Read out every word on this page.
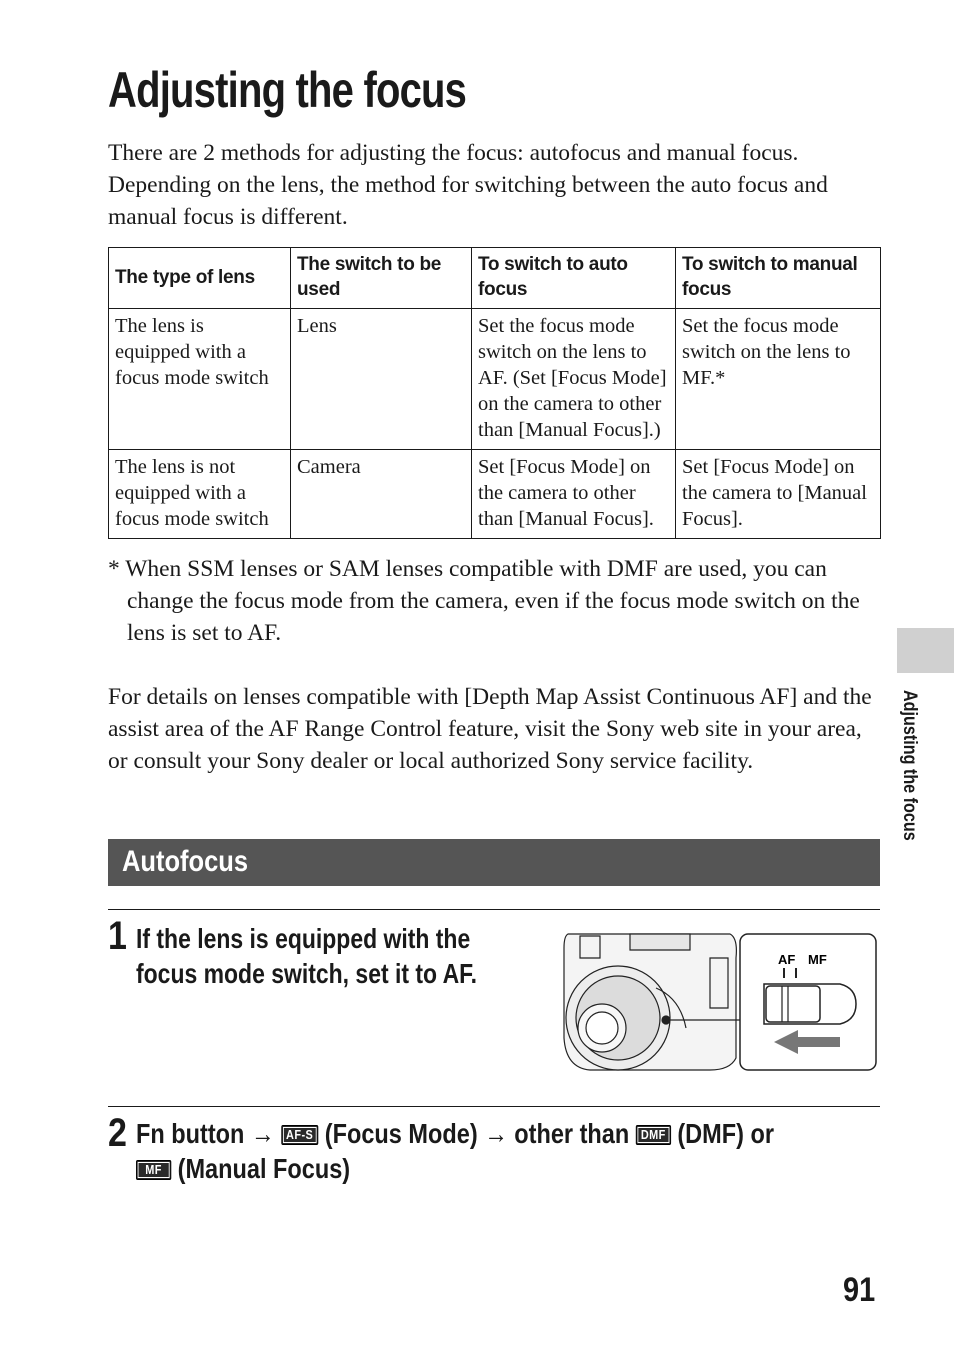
Adjusting the focus

There are 2 methods for adjusting the focus: autofocus and manual focus. Depending on the lens, the method for switching between the auto focus and manual focus is different.

The type of lens	The switch to be used	To switch to auto focus	To switch to manual focus
The lens is equipped with a focus mode switch	Lens	Set the focus mode switch on the lens to AF. (Set [Focus Mode] on the camera to other than [Manual Focus].)	Set the focus mode switch on the lens to MF.*
The lens is not equipped with a focus mode switch	Camera	Set [Focus Mode] on the camera to other than [Manual Focus].	Set [Focus Mode] on the camera to [Manual Focus].

* When SSM lenses or SAM lenses compatible with DMF are used, you can change the focus mode from the camera, even if the focus mode switch on the lens is set to AF.

For details on lenses compatible with [Depth Map Assist Continuous AF] and the assist area of the AF Range Control feature, visit the Sony web site in your area, or consult your Sony dealer or local authorized Sony service facility.

Autofocus
1 If the lens is equipped with the
focus mode switch, set it to AF.	AF MF
2 Fn button → AF-S (Focus Mode) → other than DMF (DMF) or
MF (Manual Focus)
Adjusting the focus
91
